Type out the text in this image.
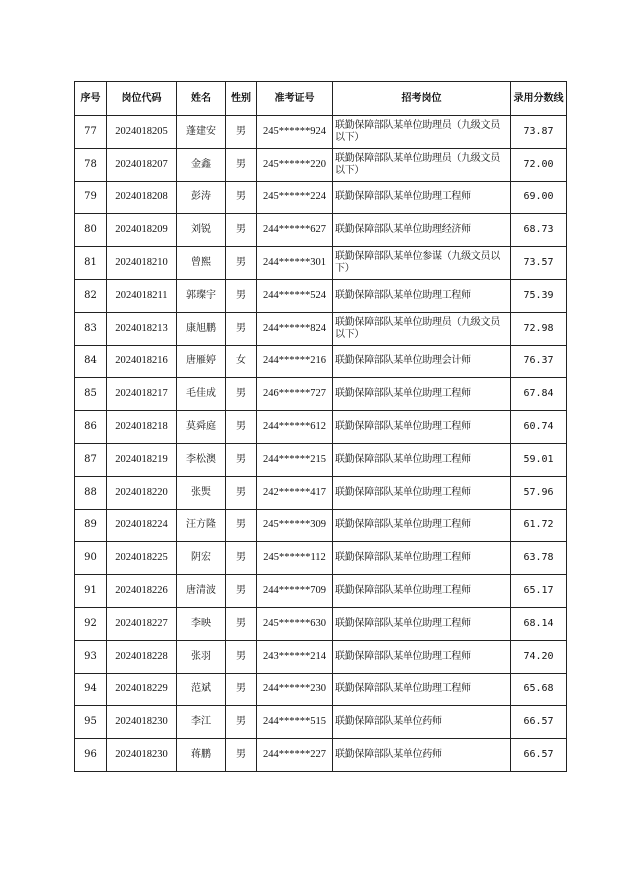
序号	岗位代码	姓名	性别	准考证号	招考岗位	录用分数线
77	2024018205	蓬建安	男	245******924	联勤保障部队某单位助理员（九级文员以下）	73.87
78	2024018207	金鑫	男	245******220	联勤保障部队某单位助理员（九级文员以下）	72.00
79	2024018208	彭涛	男	245******224	联勤保障部队某单位助理工程师	69.00
80	2024018209	刘锐	男	244******627	联勤保障部队某单位助理经济师	68.73
81	2024018210	曾熙	男	244******301	联勤保障部队某单位参谋（九级文员以下）	73.57
82	2024018211	郭璨宇	男	244******524	联勤保障部队某单位助理工程师	75.39
83	2024018213	康旭鹏	男	244******824	联勤保障部队某单位助理员（九级文员以下）	72.98
84	2024018216	唐雁婷	女	244******216	联勤保障部队某单位助理会计师	76.37
85	2024018217	毛佳成	男	246******727	联勤保障部队某单位助理工程师	67.84
86	2024018218	莫舜庭	男	244******612	联勤保障部队某单位助理工程师	60.74
87	2024018219	李松澳	男	244******215	联勤保障部队某单位助理工程师	59.01
88	2024018220	张煚	男	242******417	联勤保障部队某单位助理工程师	57.96
89	2024018224	汪方隆	男	245******309	联勤保障部队某单位助理工程师	61.72
90	2024018225	阴宏	男	245******112	联勤保障部队某单位助理工程师	63.78
91	2024018226	唐清波	男	244******709	联勤保障部队某单位助理工程师	65.17
92	2024018227	李映	男	245******630	联勤保障部队某单位助理工程师	68.14
93	2024018228	张羽	男	243******214	联勤保障部队某单位助理工程师	74.20
94	2024018229	范斌	男	244******230	联勤保障部队某单位助理工程师	65.68
95	2024018230	李江	男	244******515	联勤保障部队某单位药师	66.57
96	2024018230	蒋鹏	男	244******227	联勤保障部队某单位药师	66.57
